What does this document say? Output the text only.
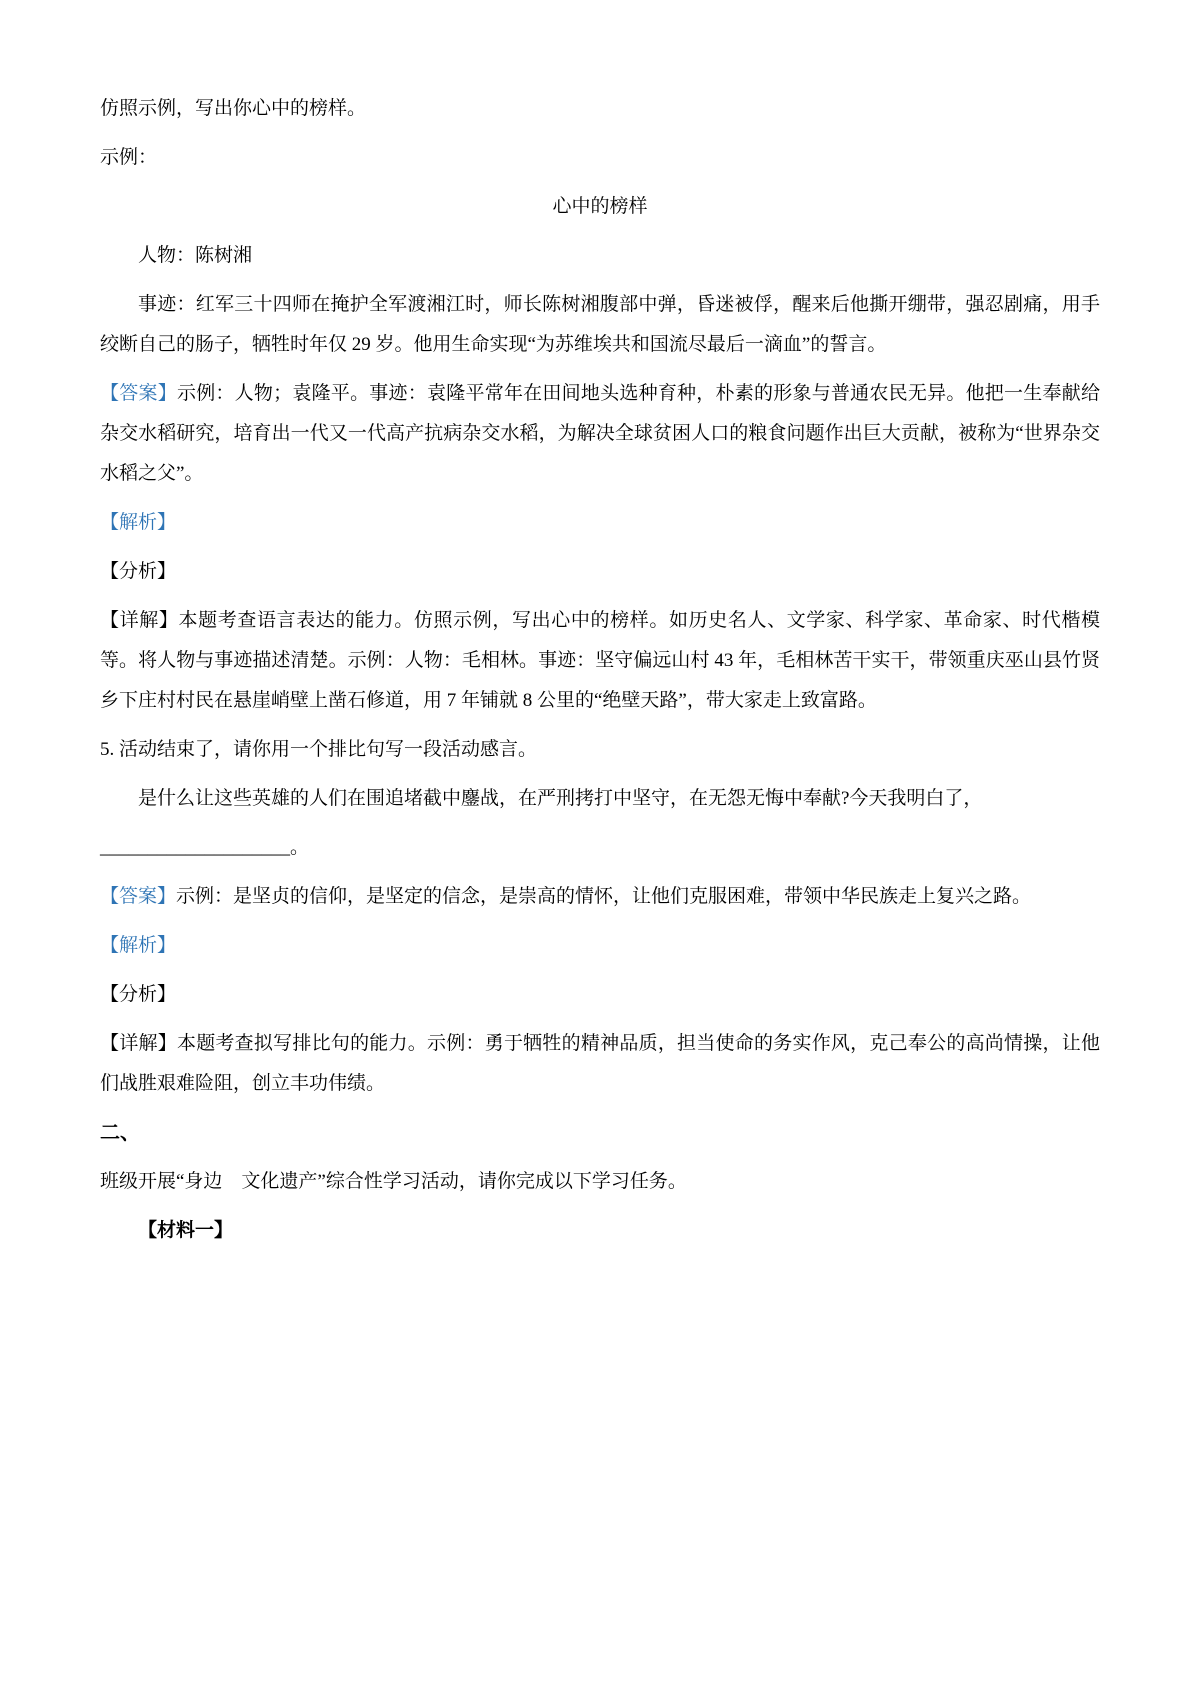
仿照示例，写出你心中的榜样。

示例：

心中的榜样

人物：陈树湘

事迹：红军三十四师在掩护全军渡湘江时，师长陈树湘腹部中弹，昏迷被俘，醒来后他撕开绷带，强忍剧痛，用手绞断自己的肠子，牺牲时年仅 29 岁。他用生命实现“为苏维埃共和国流尽最后一滴血”的誓言。

【答案】示例：人物；袁隆平。事迹：袁隆平常年在田间地头选种育种，朴素的形象与普通农民无异。他把一生奉献给杂交水稻研究，培育出一代又一代高产抗病杂交水稻，为解决全球贫困人口的粮食问题作出巨大贡献，被称为“世界杂交水稻之父”。

【解析】

【分析】

【详解】本题考查语言表达的能力。仿照示例，写出心中的榜样。如历史名人、文学家、科学家、革命家、时代楷模等。将人物与事迹描述清楚。示例：人物：毛相林。事迹：坚守偏远山村 43 年，毛相林苦干实干，带领重庆巫山县竹贤乡下庄村村民在悬崖峭壁上凿石修道，用 7 年铺就 8 公里的“绝壁天路”，带大家走上致富路。

5. 活动结束了，请你用一个排比句写一段活动感言。

是什么让这些英雄的人们在围追堵截中鏖战，在严刑拷打中坚守，在无怨无悔中奉献?今天我明白了，

____________________。

【答案】示例：是坚贞的信仰，是坚定的信念，是崇高的情怀，让他们克服困难，带领中华民族走上复兴之路。

【解析】

【分析】

【详解】本题考查拟写排比句的能力。示例：勇于牺牲的精神品质，担当使命的务实作风，克己奉公的高尚情操，让他们战胜艰难险阻，创立丰功伟绩。

二、

班级开展“身边　文化遗产”综合性学习活动，请你完成以下学习任务。

【材料一】
